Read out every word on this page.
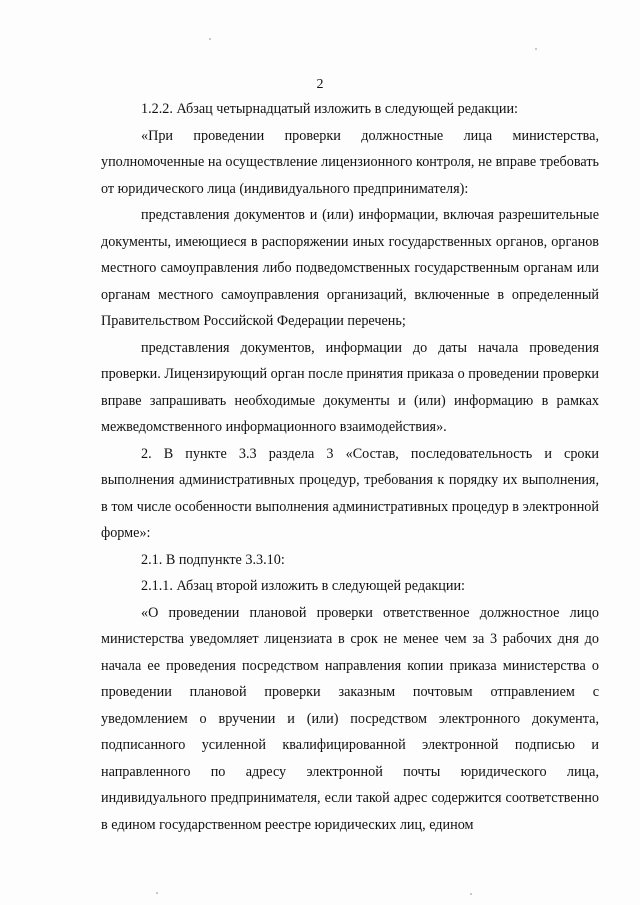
2

1.2.2. Абзац четырнадцатый изложить в следующей редакции:

«При проведении проверки должностные лица министерства, уполномоченные на осуществление лицензионного контроля, не вправе требовать от юридического лица (индивидуального предпринимателя):

представления документов и (или) информации, включая разрешительные документы, имеющиеся в распоряжении иных государственных органов, органов местного самоуправления либо подведомственных государственным органам или органам местного самоуправления организаций, включенные в определенный Правительством Российской Федерации перечень;

представления документов, информации до даты начала проведения проверки. Лицензирующий орган после принятия приказа о проведении проверки вправе запрашивать необходимые документы и (или) информацию в рамках межведомственного информационного взаимодействия».

2. В пункте 3.3 раздела 3 «Состав, последовательность и сроки выполнения административных процедур, требования к порядку их выполнения, в том числе особенности выполнения административных процедур в электронной форме»:

2.1. В подпункте 3.3.10:

2.1.1. Абзац второй изложить в следующей редакции:

«О проведении плановой проверки ответственное должностное лицо министерства уведомляет лицензиата в срок не менее чем за 3 рабочих дня до начала ее проведения посредством направления копии приказа министерства о проведении плановой проверки заказным почтовым отправлением с уведомлением о вручении и (или) посредством электронного документа, подписанного усиленной квалифицированной электронной подписью и направленного по адресу электронной почты юридического лица, индивидуального предпринимателя, если такой адрес содержится соответственно в едином государственном реестре юридических лиц, едином
